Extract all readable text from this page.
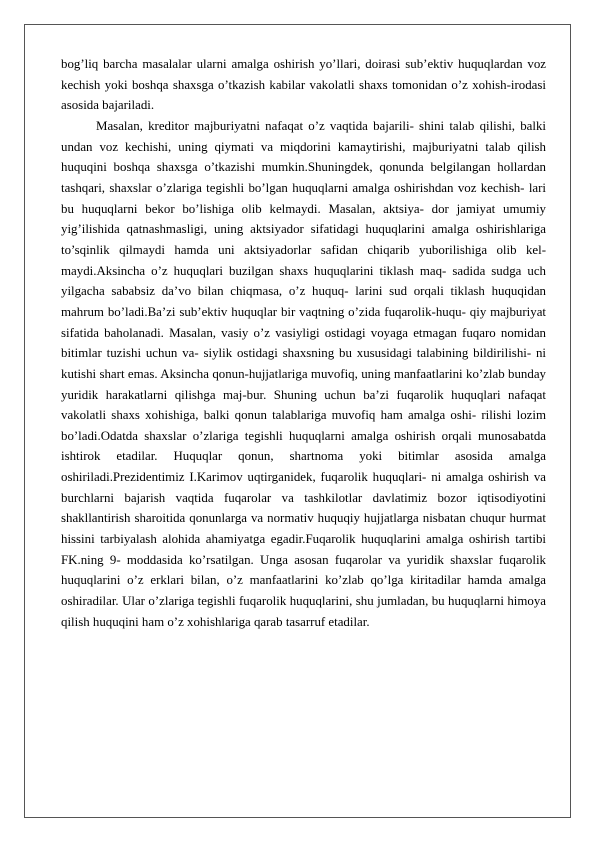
bog’liq barcha masalalar ularni amalga oshirish yo’llari, doirasi sub’ektiv huquqlardan voz kechish yoki boshqa shaxsga o’tkazish kabilar vakolatli shaxs tomonidan o’z xohish-irodasi asosida bajariladi.

Masalan, kreditor majburiyatni nafaqat o’z vaqtida bajarili- shini talab qilishi, balki undan voz kechishi, uning qiymati va miqdorini kamaytirishi, majburiyatni talab qilish huquqini boshqa shaxsga o’tkazishi mumkin.Shuningdek, qonunda belgilangan hollardan tashqari, shaxslar o’zlariga tegishli bo’lgan huquqlarni amalga oshirishdan voz kechish- lari bu huquqlarni bekor bo’lishiga olib kelmaydi. Masalan, aktsiya- dor jamiyat umumiy yig’ilishida qatnashmasligi, uning aktsiyador sifatidagi huquqlarini amalga oshirishlariga to’sqinlik qilmaydi hamda uni aktsiyadorlar safidan chiqarib yuborilishiga olib kel- maydi.Aksincha o’z huquqlari buzilgan shaxs huquqlarini tiklash maq- sadida sudga uch yilgacha sababsiz da’vo bilan chiqmasa, o’z huquq- larini sud orqali tiklash huquqidan mahrum bo’ladi.Ba’zi sub’ektiv huquqlar bir vaqtning o’zida fuqarolik-huqu- qiy majburiyat sifatida baholanadi. Masalan, vasiy o’z vasiyligi ostidagi voyaga etmagan fuqaro nomidan bitimlar tuzishi uchun va- siylik ostidagi shaxsning bu xususidagi talabining bildirilishi- ni kutishi shart emas. Aksincha qonun-hujjatlariga muvofiq, uning manfaatlarini ko’zlab bunday yuridik harakatlarni qilishga maj-bur. Shuning uchun ba’zi fuqarolik huquqlari nafaqat vakolatli shaxs xohishiga, balki qonun talablariga muvofiq ham amalga oshi- rilishi lozim bo’ladi.Odatda shaxslar o’zlariga tegishli huquqlarni amalga oshirish orqali munosabatda ishtirok etadilar. Huquqlar qonun, shartnoma yoki bitimlar asosida amalga oshiriladi.Prezidentimiz I.Karimov uqtirganidek, fuqarolik huquqlari- ni amalga oshirish va burchlarni bajarish vaqtida fuqarolar va tashkilotlar davlatimiz bozor iqtisodiyotini shakllantirish sharoitida qonunlarga va normativ huquqiy hujjatlarga nisbatan chuqur hurmat hissini tarbiyalash alohida ahamiyatga egadir.Fuqarolik huquqlarini amalga oshirish tartibi FK.ning 9- moddasida ko’rsatilgan. Unga asosan fuqarolar va yuridik shaxslar fuqarolik huquqlarini o’z erklari bilan, o’z manfaatlarini ko’zlab qo’lga kiritadilar hamda amalga oshiradilar. Ular o’zlariga tegishli fuqarolik huquqlarini, shu jumladan, bu huquqlarni himoya qilish huquqini ham o’z xohishlariga qarab tasarruf etadilar.
